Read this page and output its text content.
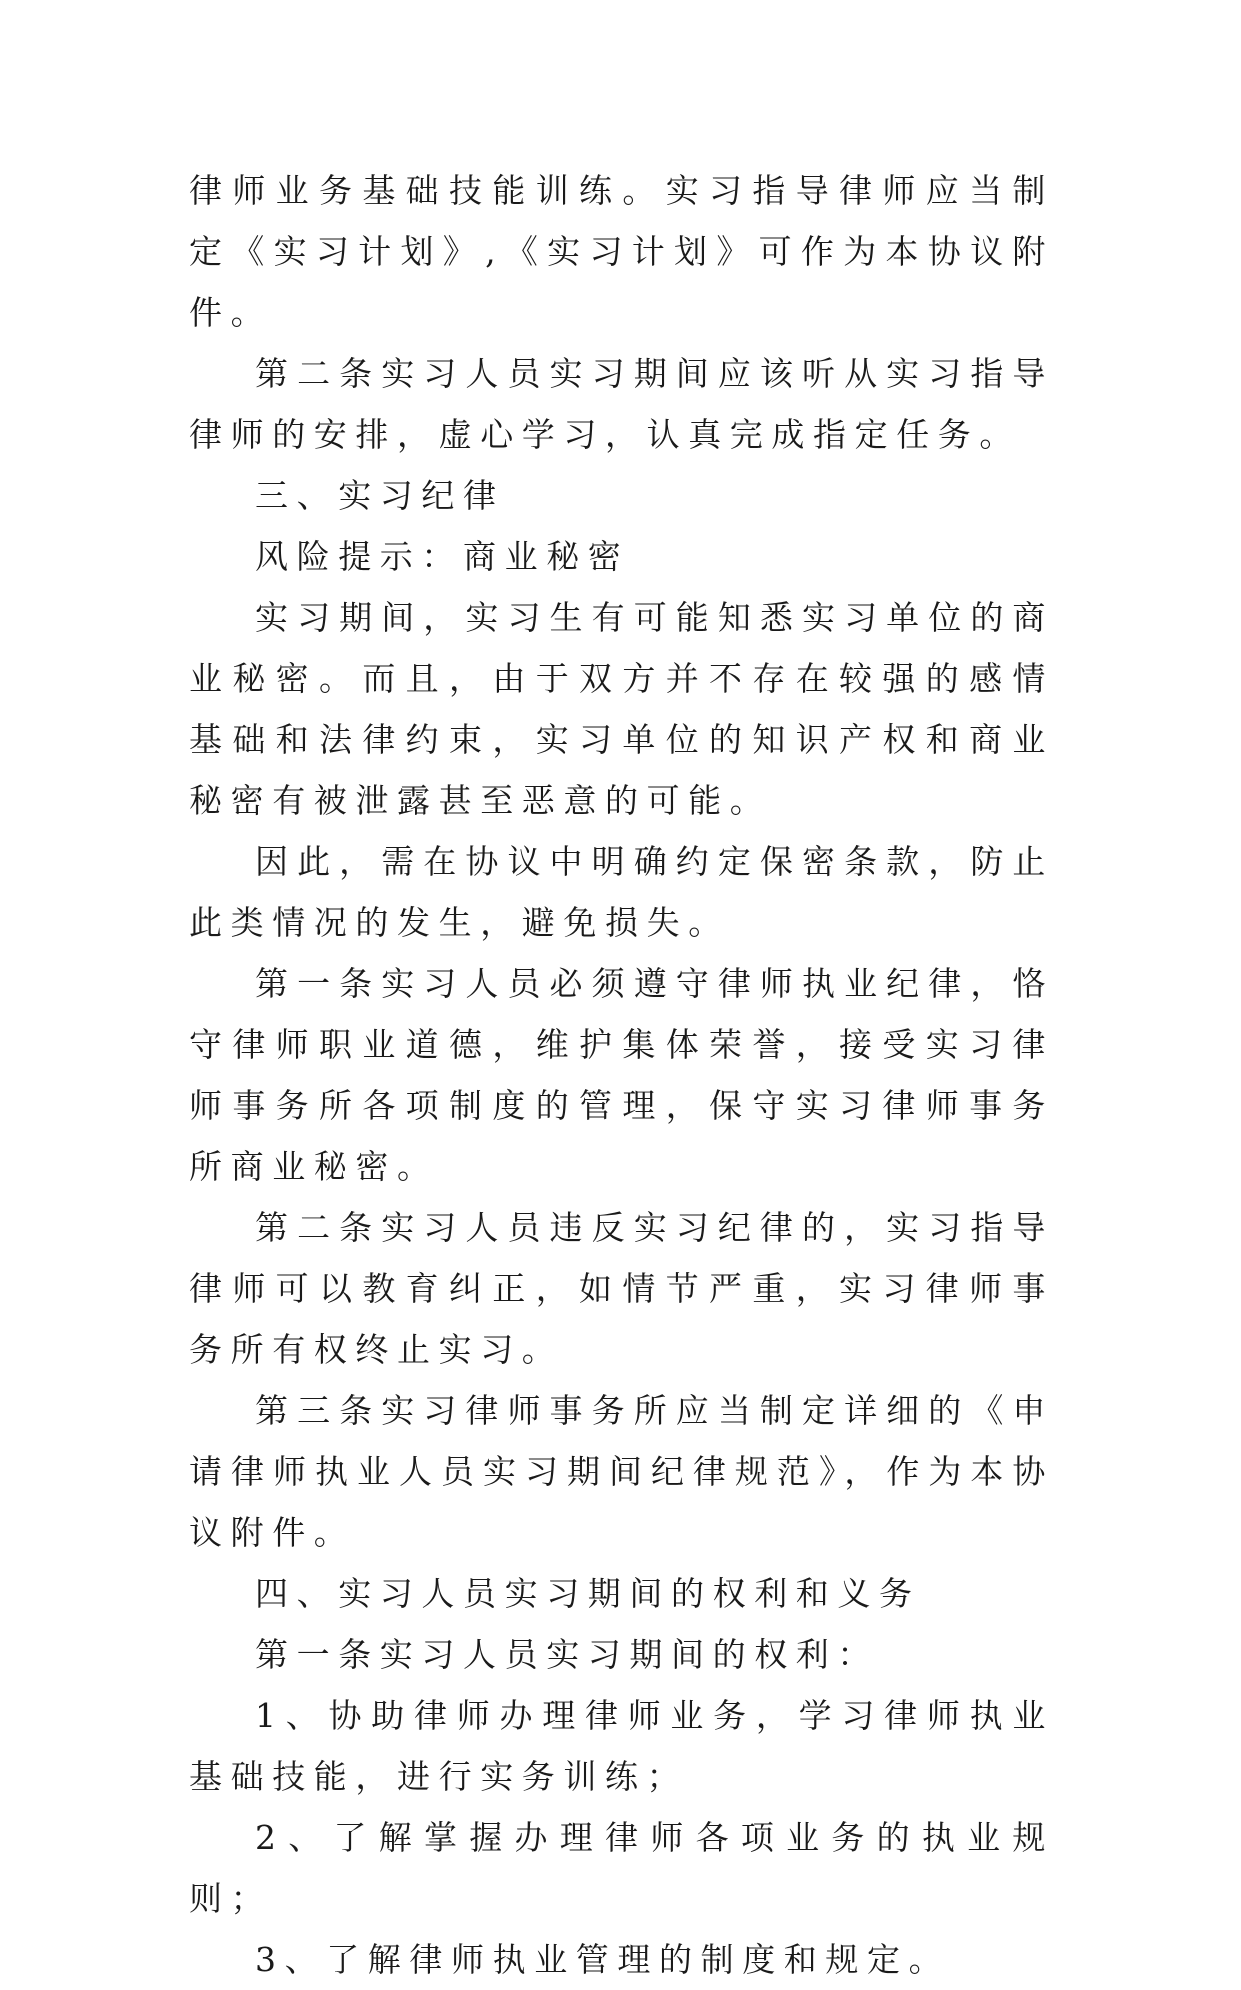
律师业务基础技能训练。实习指导律师应当制定《实习计划》,《实习计划》可作为本协议附件。

第二条实习人员实习期间应该听从实习指导律师的安排，虚心学习，认真完成指定任务。

三、实习纪律

风险提示：商业秘密

实习期间，实习生有可能知悉实习单位的商业秘密。而且，由于双方并不存在较强的感情基础和法律约束，实习单位的知识产权和商业秘密有被泄露甚至恶意的可能。

因此，需在协议中明确约定保密条款，防止此类情况的发生，避免损失。

第一条实习人员必须遵守律师执业纪律，恪守律师职业道德，维护集体荣誉，接受实习律师事务所各项制度的管理，保守实习律师事务所商业秘密。

第二条实习人员违反实习纪律的，实习指导律师可以教育纠正，如情节严重，实习律师事务所有权终止实习。

第三条实习律师事务所应当制定详细的《申请律师执业人员实习期间纪律规范》，作为本协议附件。

四、实习人员实习期间的权利和义务

第一条实习人员实习期间的权利：

1、协助律师办理律师业务，学习律师执业基础技能，进行实务训练；

2、了解掌握办理律师各项业务的执业规则；

3、了解律师执业管理的制度和规定。
